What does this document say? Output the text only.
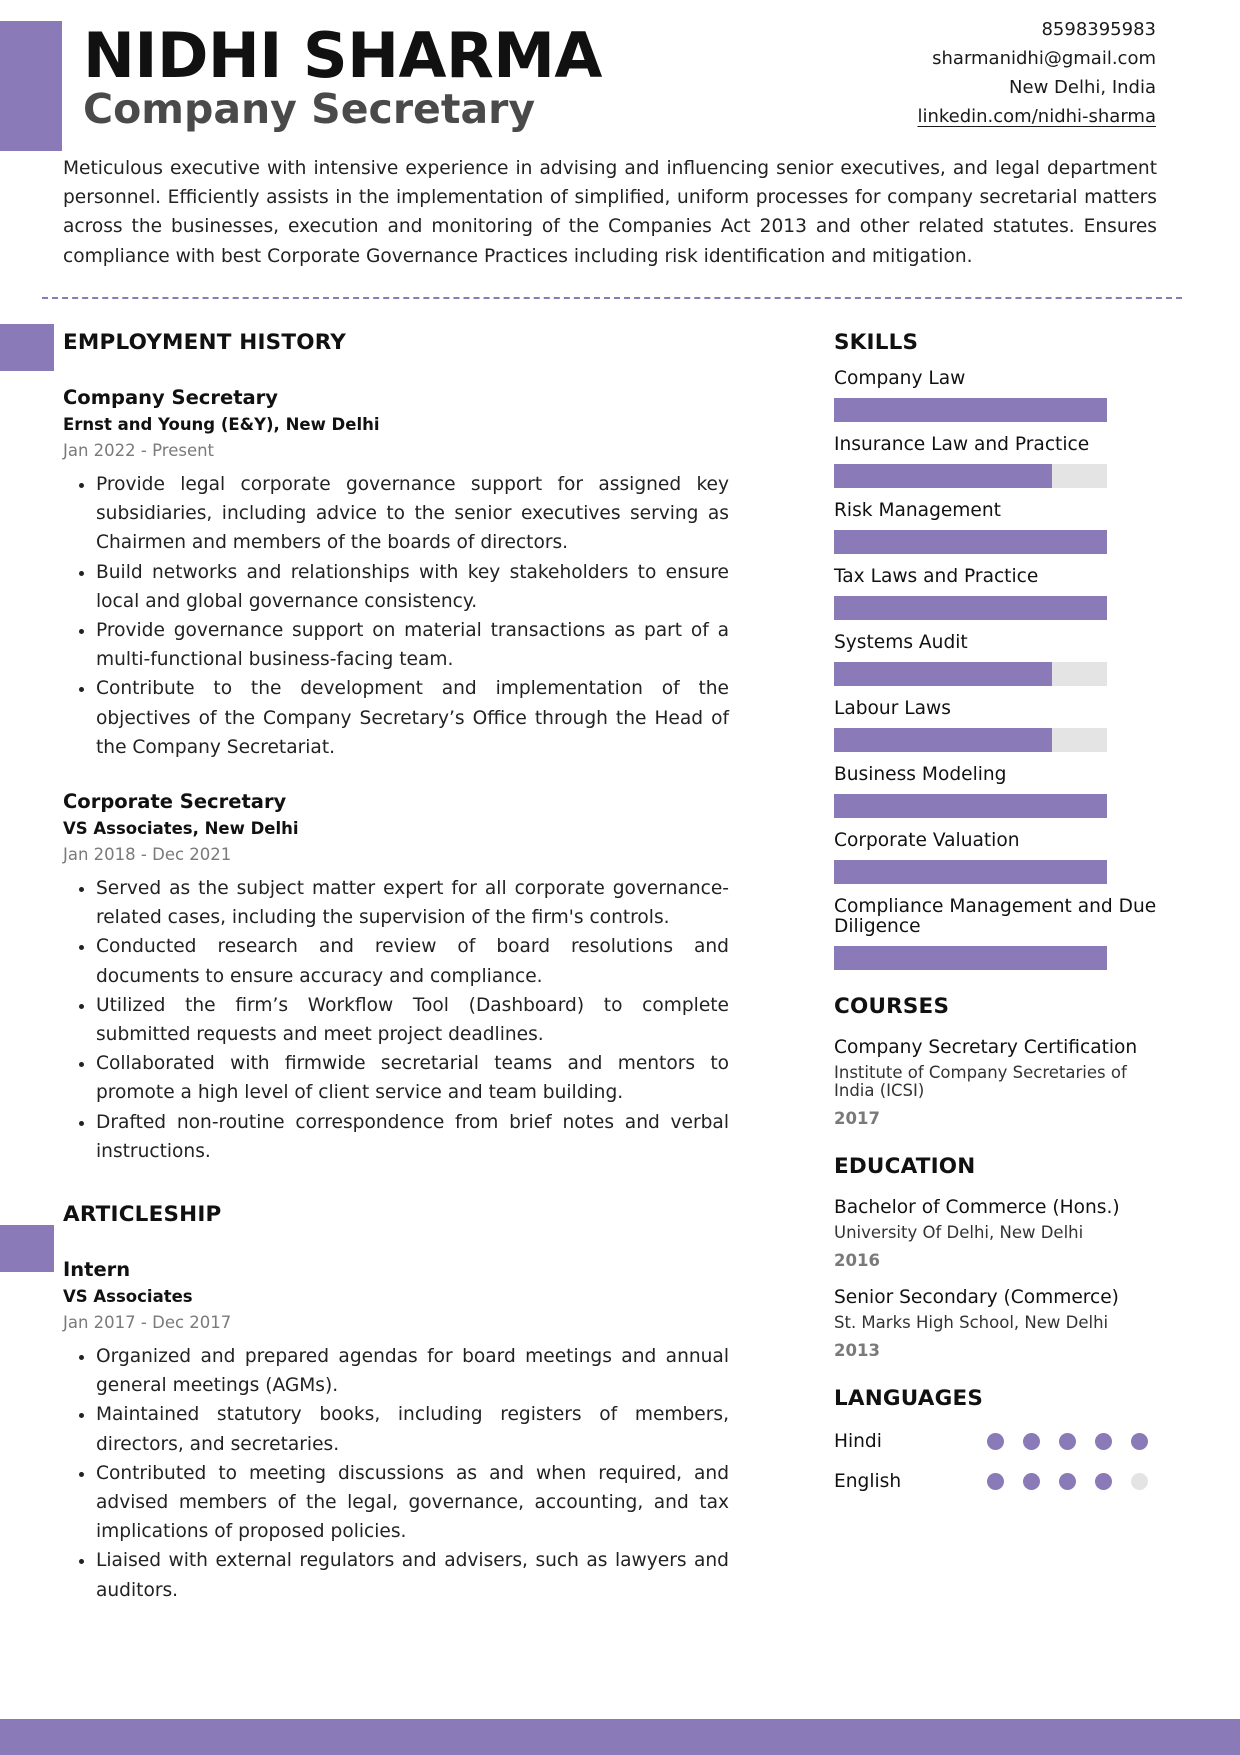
NIDHI SHARMA
Company Secretary
8598395983
sharmanidhi@gmail.com
New Delhi, India
linkedin.com/nidhi-sharma
Meticulous executive with intensive experience in advising and influencing senior executives, and legal department personnel. Efficiently assists in the implementation of simplified, uniform processes for company secretarial matters across the businesses, execution and monitoring of the Companies Act 2013 and other related statutes. Ensures compliance with best Corporate Governance Practices including risk identification and mitigation.
EMPLOYMENT HISTORY
Company Secretary
Ernst and Young (E&Y), New Delhi
Jan 2022 - Present
• Provide legal corporate governance support for assigned key subsidiaries, including advice to the senior executives serving as Chairmen and members of the boards of directors.
• Build networks and relationships with key stakeholders to ensure local and global governance consistency.
• Provide governance support on material transactions as part of a multi-functional business-facing team.
• Contribute to the development and implementation of the objectives of the Company Secretary’s Office through the Head of the Company Secretariat.
Corporate Secretary
VS Associates, New Delhi
Jan 2018 - Dec 2021
• Served as the subject matter expert for all corporate governance-related cases, including the supervision of the firm's controls.
• Conducted research and review of board resolutions and documents to ensure accuracy and compliance.
• Utilized the firm’s Workflow Tool (Dashboard) to complete submitted requests and meet project deadlines.
• Collaborated with firmwide secretarial teams and mentors to promote a high level of client service and team building.
• Drafted non-routine correspondence from brief notes and verbal instructions.
ARTICLESHIP
Intern
VS Associates
Jan 2017 - Dec 2017
• Organized and prepared agendas for board meetings and annual general meetings (AGMs).
• Maintained statutory books, including registers of members, directors, and secretaries.
• Contributed to meeting discussions as and when required, and advised members of the legal, governance, accounting, and tax implications of proposed policies.
• Liaised with external regulators and advisers, such as lawyers and auditors.
SKILLS
Company Law
Insurance Law and Practice
Risk Management
Tax Laws and Practice
Systems Audit
Labour Laws
Business Modeling
Corporate Valuation
Compliance Management and Due Diligence
COURSES
Company Secretary Certification
Institute of Company Secretaries of India (ICSI)
2017
EDUCATION
Bachelor of Commerce (Hons.)
University Of Delhi, New Delhi
2016
Senior Secondary (Commerce)
St. Marks High School, New Delhi
2013
LANGUAGES
Hindi
English
